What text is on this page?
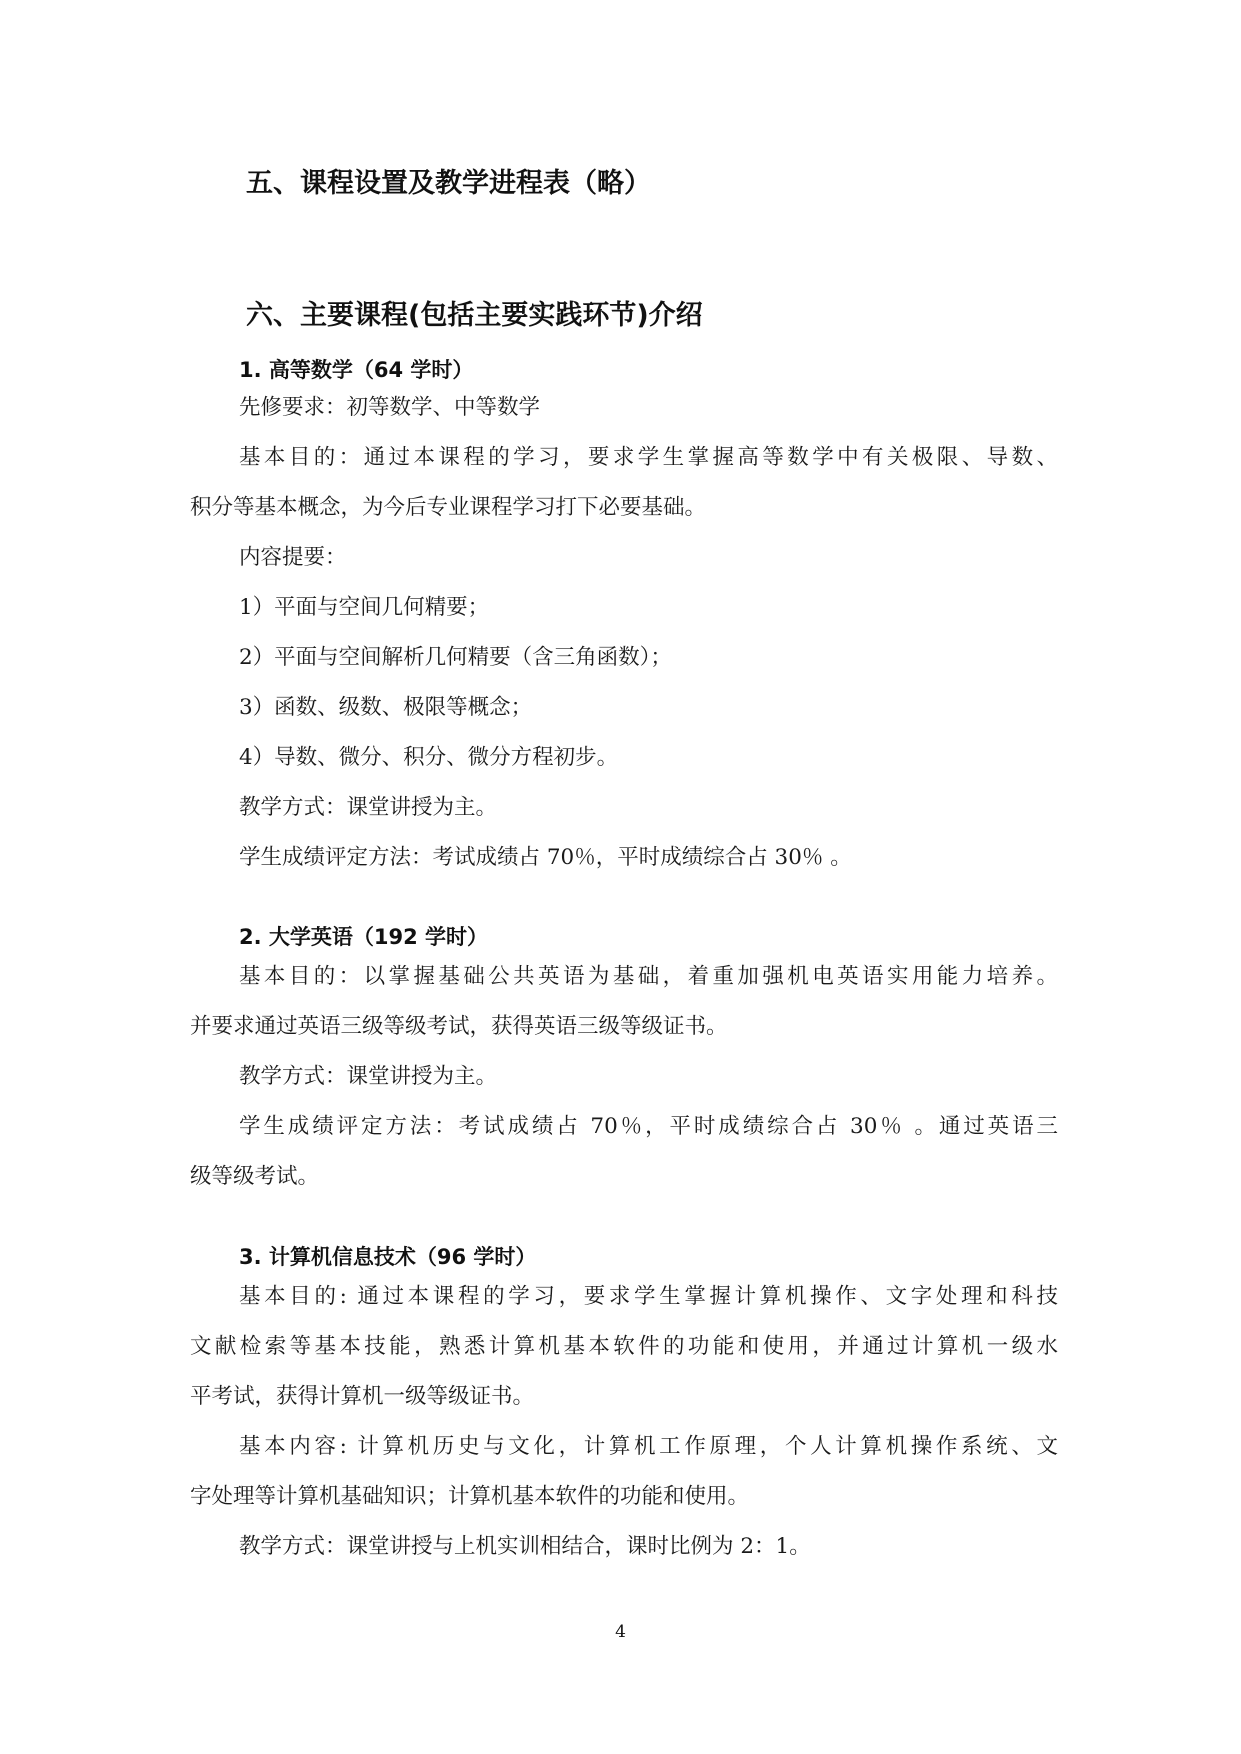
五、课程设置及教学进程表（略）
六、主要课程(包括主要实践环节)介绍
1. 高等数学（64 学时）

先修要求：初等数学、中等数学

基本目的：通过本课程的学习，要求学生掌握高等数学中有关极限、导数、

积分等基本概念，为今后专业课程学习打下必要基础。

内容提要：

1）平面与空间几何精要；

2）平面与空间解析几何精要（含三角函数）；

3）函数、级数、极限等概念；

4）导数、微分、积分、微分方程初步。

教学方式：课堂讲授为主。

学生成绩评定方法：考试成绩占 70％，平时成绩综合占 30％ 。

2. 大学英语（192 学时）

基本目的：以掌握基础公共英语为基础，着重加强机电英语实用能力培养。

并要求通过英语三级等级考试，获得英语三级等级证书。

教学方式：课堂讲授为主。

学生成绩评定方法：考试成绩占 70％，平时成绩综合占 30％ 。通过英语三

级等级考试。

3. 计算机信息技术（96 学时）

基本目的: 通过本课程的学习，要求学生掌握计算机操作、文字处理和科技

文献检索等基本技能，熟悉计算机基本软件的功能和使用，并通过计算机一级水

平考试，获得计算机一级等级证书。

基本内容: 计算机历史与文化，计算机工作原理，个人计算机操作系统、文

字处理等计算机基础知识；计算机基本软件的功能和使用。

教学方式：课堂讲授与上机实训相结合，课时比例为 2：1。

4
